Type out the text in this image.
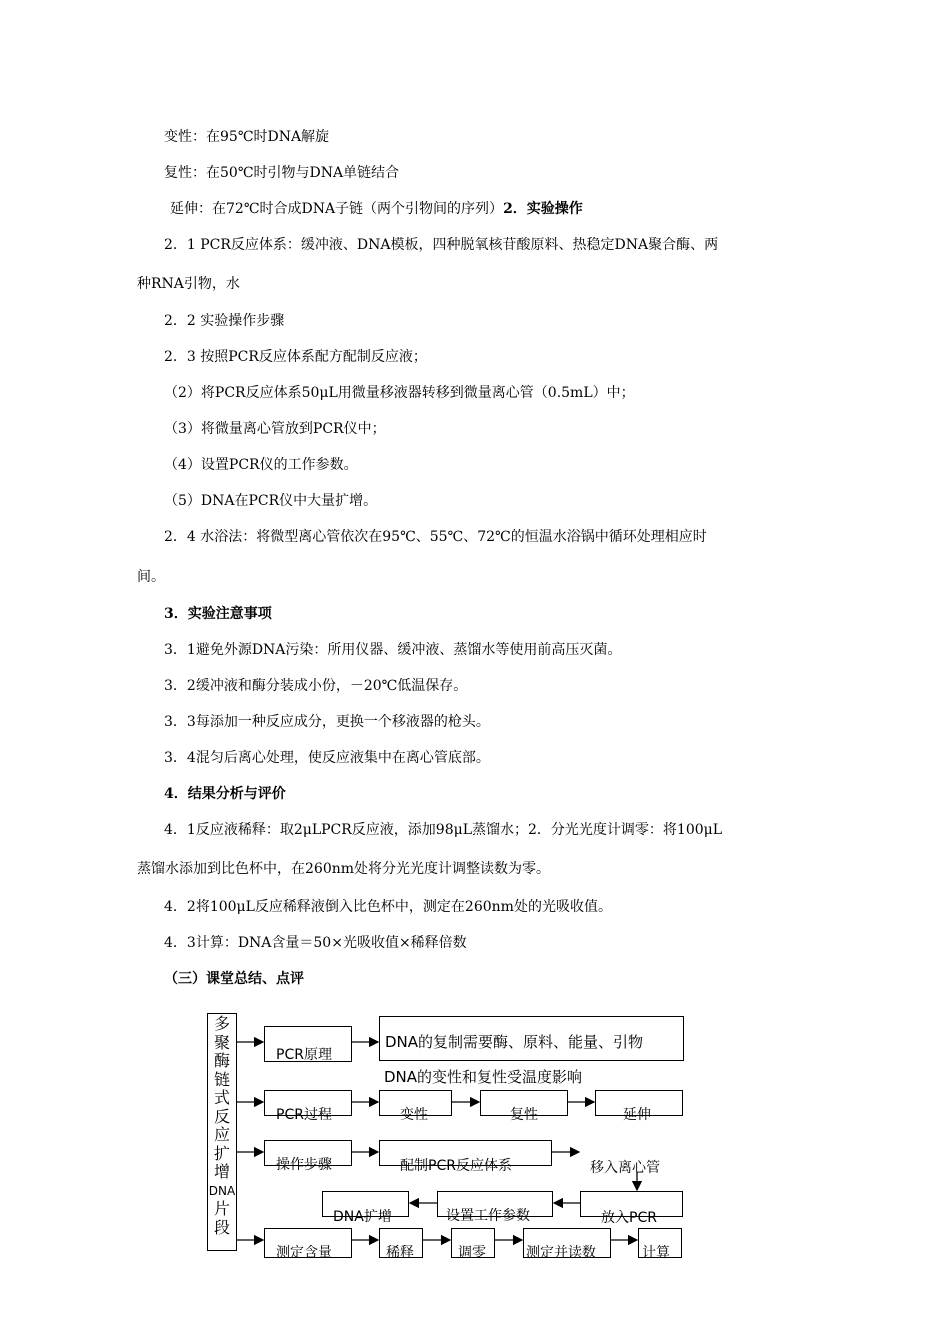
变性：在95℃时DNA解旋
复性：在50℃时引物与DNA单链结合
延伸：在72℃时合成DNA子链（两个引物间的序列）2．实验操作
2．1 PCR反应体系：缓冲液、DNA模板，四种脱氧核苷酸原料、热稳定DNA聚合酶、两
种RNA引物，水
2．2 实验操作步骤
2．3 按照PCR反应体系配方配制反应液；
（2）将PCR反应体系50μL用微量移液器转移到微量离心管（0.5mL）中；
（3）将微量离心管放到PCR仪中；
（4）设置PCR仪的工作参数。
（5）DNA在PCR仪中大量扩增。
2．4 水浴法：将微型离心管依次在95℃、55℃、72℃的恒温水浴锅中循环处理相应时
间。
3．实验注意事项
3．1避免外源DNA污染：所用仪器、缓冲液、蒸馏水等使用前高压灭菌。
3．2缓冲液和酶分装成小份，－20℃低温保存。
3．3每添加一种反应成分，更换一个移液器的枪头。
3．4混匀后离心处理，使反应液集中在离心管底部。
4．结果分析与评价
4．1反应液稀释：取2μLPCR反应液，添加98μL蒸馏水；2．分光光度计调零：将100μL
蒸馏水添加到比色杯中，在260nm处将分光光度计调整读数为零。
4．2将100μL反应稀释液倒入比色杯中，测定在260nm处的光吸收值。
4．3计算：DNA含量＝50×光吸收值×稀释倍数
（三）课堂总结、点评
多
聚
酶
链
式
反
应
扩
增
DNA
片
段
PCR原理
DNA的复制需要酶、原料、能量、引物
DNA的变性和复性受温度影响
PCR过程	变性	复性	延伸
操作步骤	配制PCR反应体系	移入离心管
DNA扩增	设置工作参数	放入PCR
测定含量	稀释	调零	测定并读数	计算
